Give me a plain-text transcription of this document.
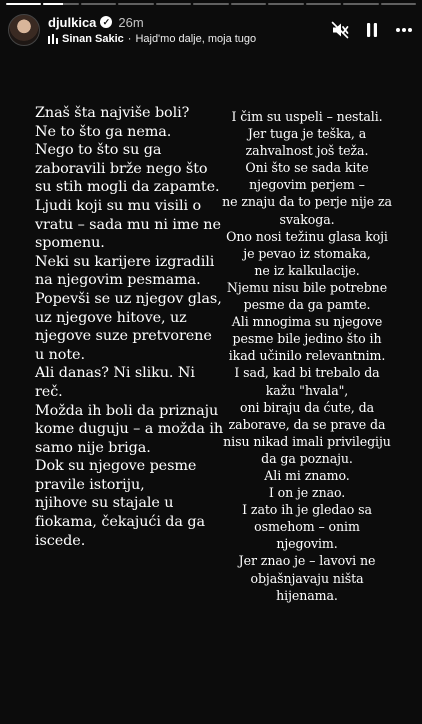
djulkica ✓ 26m
Sinan Sakic · Hajd'mo dalje, moja tugo

Znaš šta najviše boli?

Ne to što ga nema.

Nego to što su ga zaboravili brže nego što su stih mogli da zapamte.

Ljudi koji su mu visili o vratu – sada mu ni ime ne spomenu.

Neki su karijere izgradili na njegovim pesmama.

Popevši se uz njegov glas, uz njegove hitove, uz njegove suze pretvorene u note.

Ali danas? Ni sliku. Ni reč.

Možda ih boli da priznaju kome duguju – a možda ih samo nije briga.

Dok su njegove pesme pravile istoriju,

njihove su stajale u fiokama, čekajući da ga iscede.

I čim su uspeli – nestali.

Jer tuga je teška, a zahvalnost još teža.

Oni što se sada kite njegovim perjem –

ne znaju da to perje nije za svakoga.

Ono nosi težinu glasa koji je pevao iz stomaka,

ne iz kalkulacije.

Njemu nisu bile potrebne pesme da ga pamte.

Ali mnogima su njegove pesme bile jedino što ih ikad učinilo relevantnim.

I sad, kad bi trebalo da kažu "hvala",

oni biraju da ćute, da zaborave, da se prave da nisu nikad imali privilegiju da ga poznaju.

Ali mi znamo.

I on je znao.

I zato ih je gledao sa osmehom – onim njegovim.

Jer znao je – lavovi ne objašnjavaju ništa hijenama.
